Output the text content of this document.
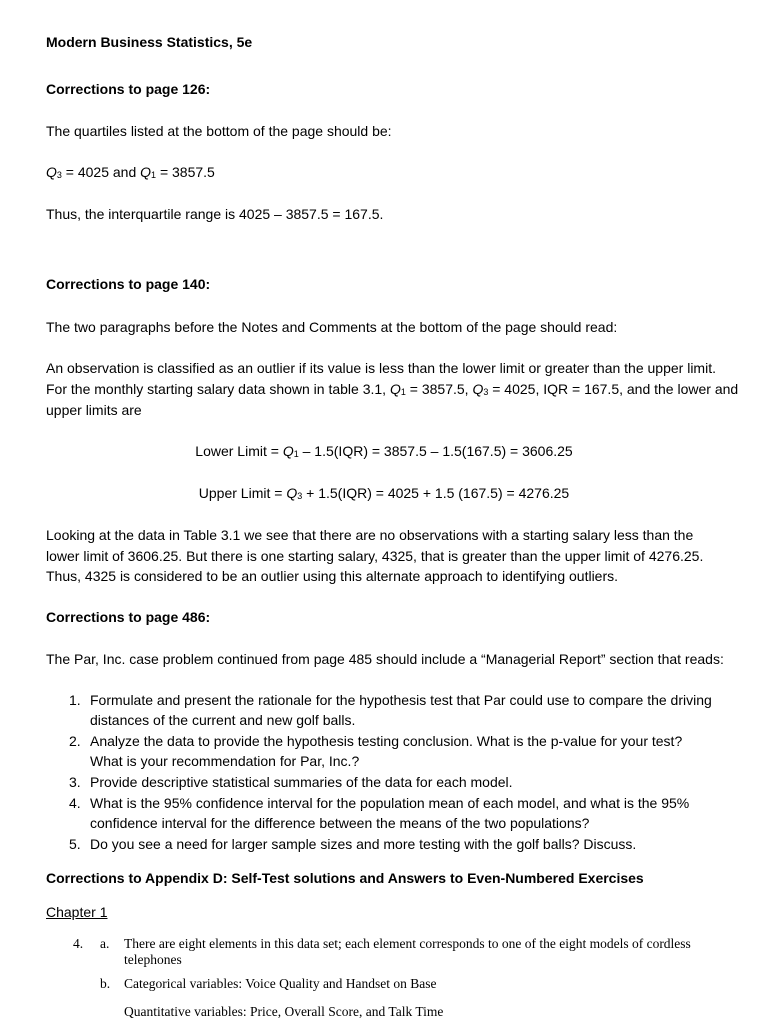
Modern Business Statistics, 5e
Corrections to page 126:
The quartiles listed at the bottom of the page should be:
$Q_3 = 4025$ and $Q_1 = 3857.5$
Thus, the interquartile range is 4025 – 3857.5 = 167.5.
Corrections to page 140:
The two paragraphs before the Notes and Comments at the bottom of the page should read:
An observation is classified as an outlier if its value is less than the lower limit or greater than the upper limit.
For the monthly starting salary data shown in table 3.1, $Q_1 = 3857.5$, $Q_3 = 4025$, IQR = 167.5, and the lower and
upper limits are
Lower Limit = $Q_1 - 1.5(IQR) = 3857.5 - 1.5(167.5) = 3606.25$
Upper Limit = $Q_3 + 1.5(IQR) = 4025 + 1.5$ (167.5) = 4276.25
Looking at the data in Table 3.1 we see that there are no observations with a starting salary less than the
lower limit of 3606.25. But there is one starting salary, 4325, that is greater than the upper limit of 4276.25.
Thus, 4325 is considered to be an outlier using this alternate approach to identifying outliers.
Corrections to page 486:
The Par, Inc. case problem continued from page 485 should include a “Managerial Report” section that reads:
1. Formulate and present the rationale for the hypothesis test that Par could use to compare the driving
distances of the current and new golf balls.
2. Analyze the data to provide the hypothesis testing conclusion. What is the p-value for your test?
What is your recommendation for Par, Inc.?
3. Provide descriptive statistical summaries of the data for each model.
4. What is the 95% confidence interval for the population mean of each model, and what is the 95%
confidence interval for the difference between the means of the two populations?
5. Do you see a need for larger sample sizes and more testing with the golf balls? Discuss.
Corrections to Appendix D: Self-Test solutions and Answers to Even-Numbered Exercises
Chapter 1
4. a. There are eight elements in this data set; each element corresponds to one of the eight models of cordless
telephones
b. Categorical variables: Voice Quality and Handset on Base
Quantitative variables: Price, Overall Score, and Talk Time
